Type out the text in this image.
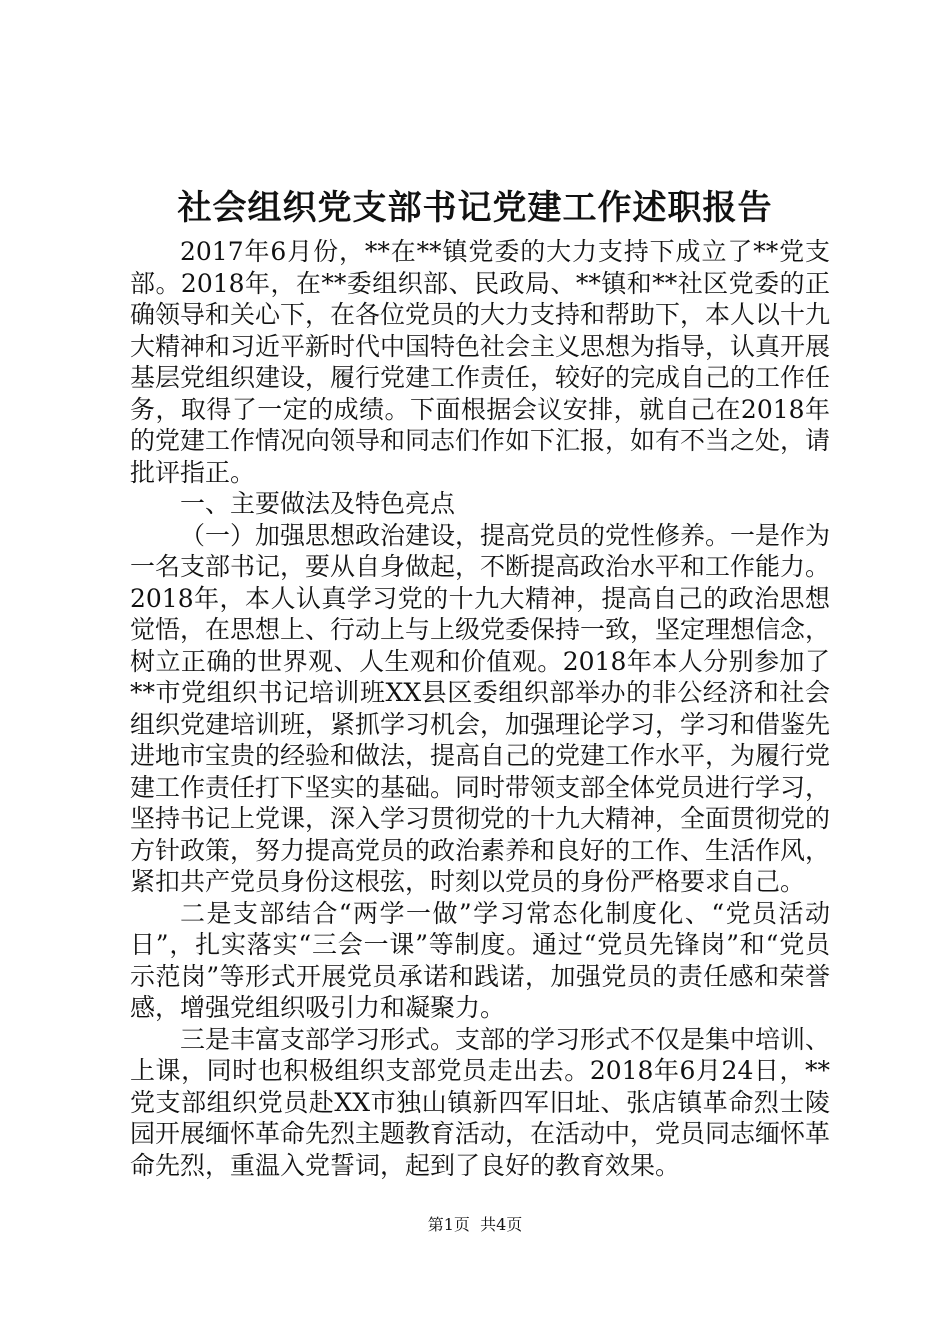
社会组织党支部书记党建工作述职报告

2017年6月份，**在**镇党委的大力支持下成立了**党支部。2018年，在**委组织部、民政局、**镇和**社区党委的正确领导和关心下，在各位党员的大力支持和帮助下，本人以十九大精神和习近平新时代中国特色社会主义思想为指导，认真开展基层党组织建设，履行党建工作责任，较好的完成自己的工作任务，取得了一定的成绩。下面根据会议安排，就自己在2018年的党建工作情况向领导和同志们作如下汇报，如有不当之处，请批评指正。

一、主要做法及特色亮点

（一）加强思想政治建设，提高党员的党性修养。一是作为一名支部书记，要从自身做起，不断提高政治水平和工作能力。2018年，本人认真学习党的十九大精神，提高自己的政治思想觉悟，在思想上、行动上与上级党委保持一致，坚定理想信念，树立正确的世界观、人生观和价值观。2018年本人分别参加了**市党组织书记培训班XX县区委组织部举办的非公经济和社会组织党建培训班，紧抓学习机会，加强理论学习，学习和借鉴先进地市宝贵的经验和做法，提高自己的党建工作水平，为履行党建工作责任打下坚实的基础。同时带领支部全体党员进行学习，坚持书记上党课，深入学习贯彻党的十九大精神，全面贯彻党的方针政策，努力提高党员的政治素养和良好的工作、生活作风，紧扣共产党员身份这根弦，时刻以党员的身份严格要求自己。

二是支部结合“两学一做”学习常态化制度化、“党员活动日”，扎实落实“三会一课”等制度。通过“党员先锋岗”和“党员示范岗”等形式开展党员承诺和践诺，加强党员的责任感和荣誉感，增强党组织吸引力和凝聚力。

三是丰富支部学习形式。支部的学习形式不仅是集中培训、上课，同时也积极组织支部党员走出去。2018年6月24日，**党支部组织党员赴XX市独山镇新四军旧址、张店镇革命烈士陵园开展缅怀革命先烈主题教育活动，在活动中，党员同志缅怀革命先烈，重温入党誓词，起到了良好的教育效果。

第1页 共4页
